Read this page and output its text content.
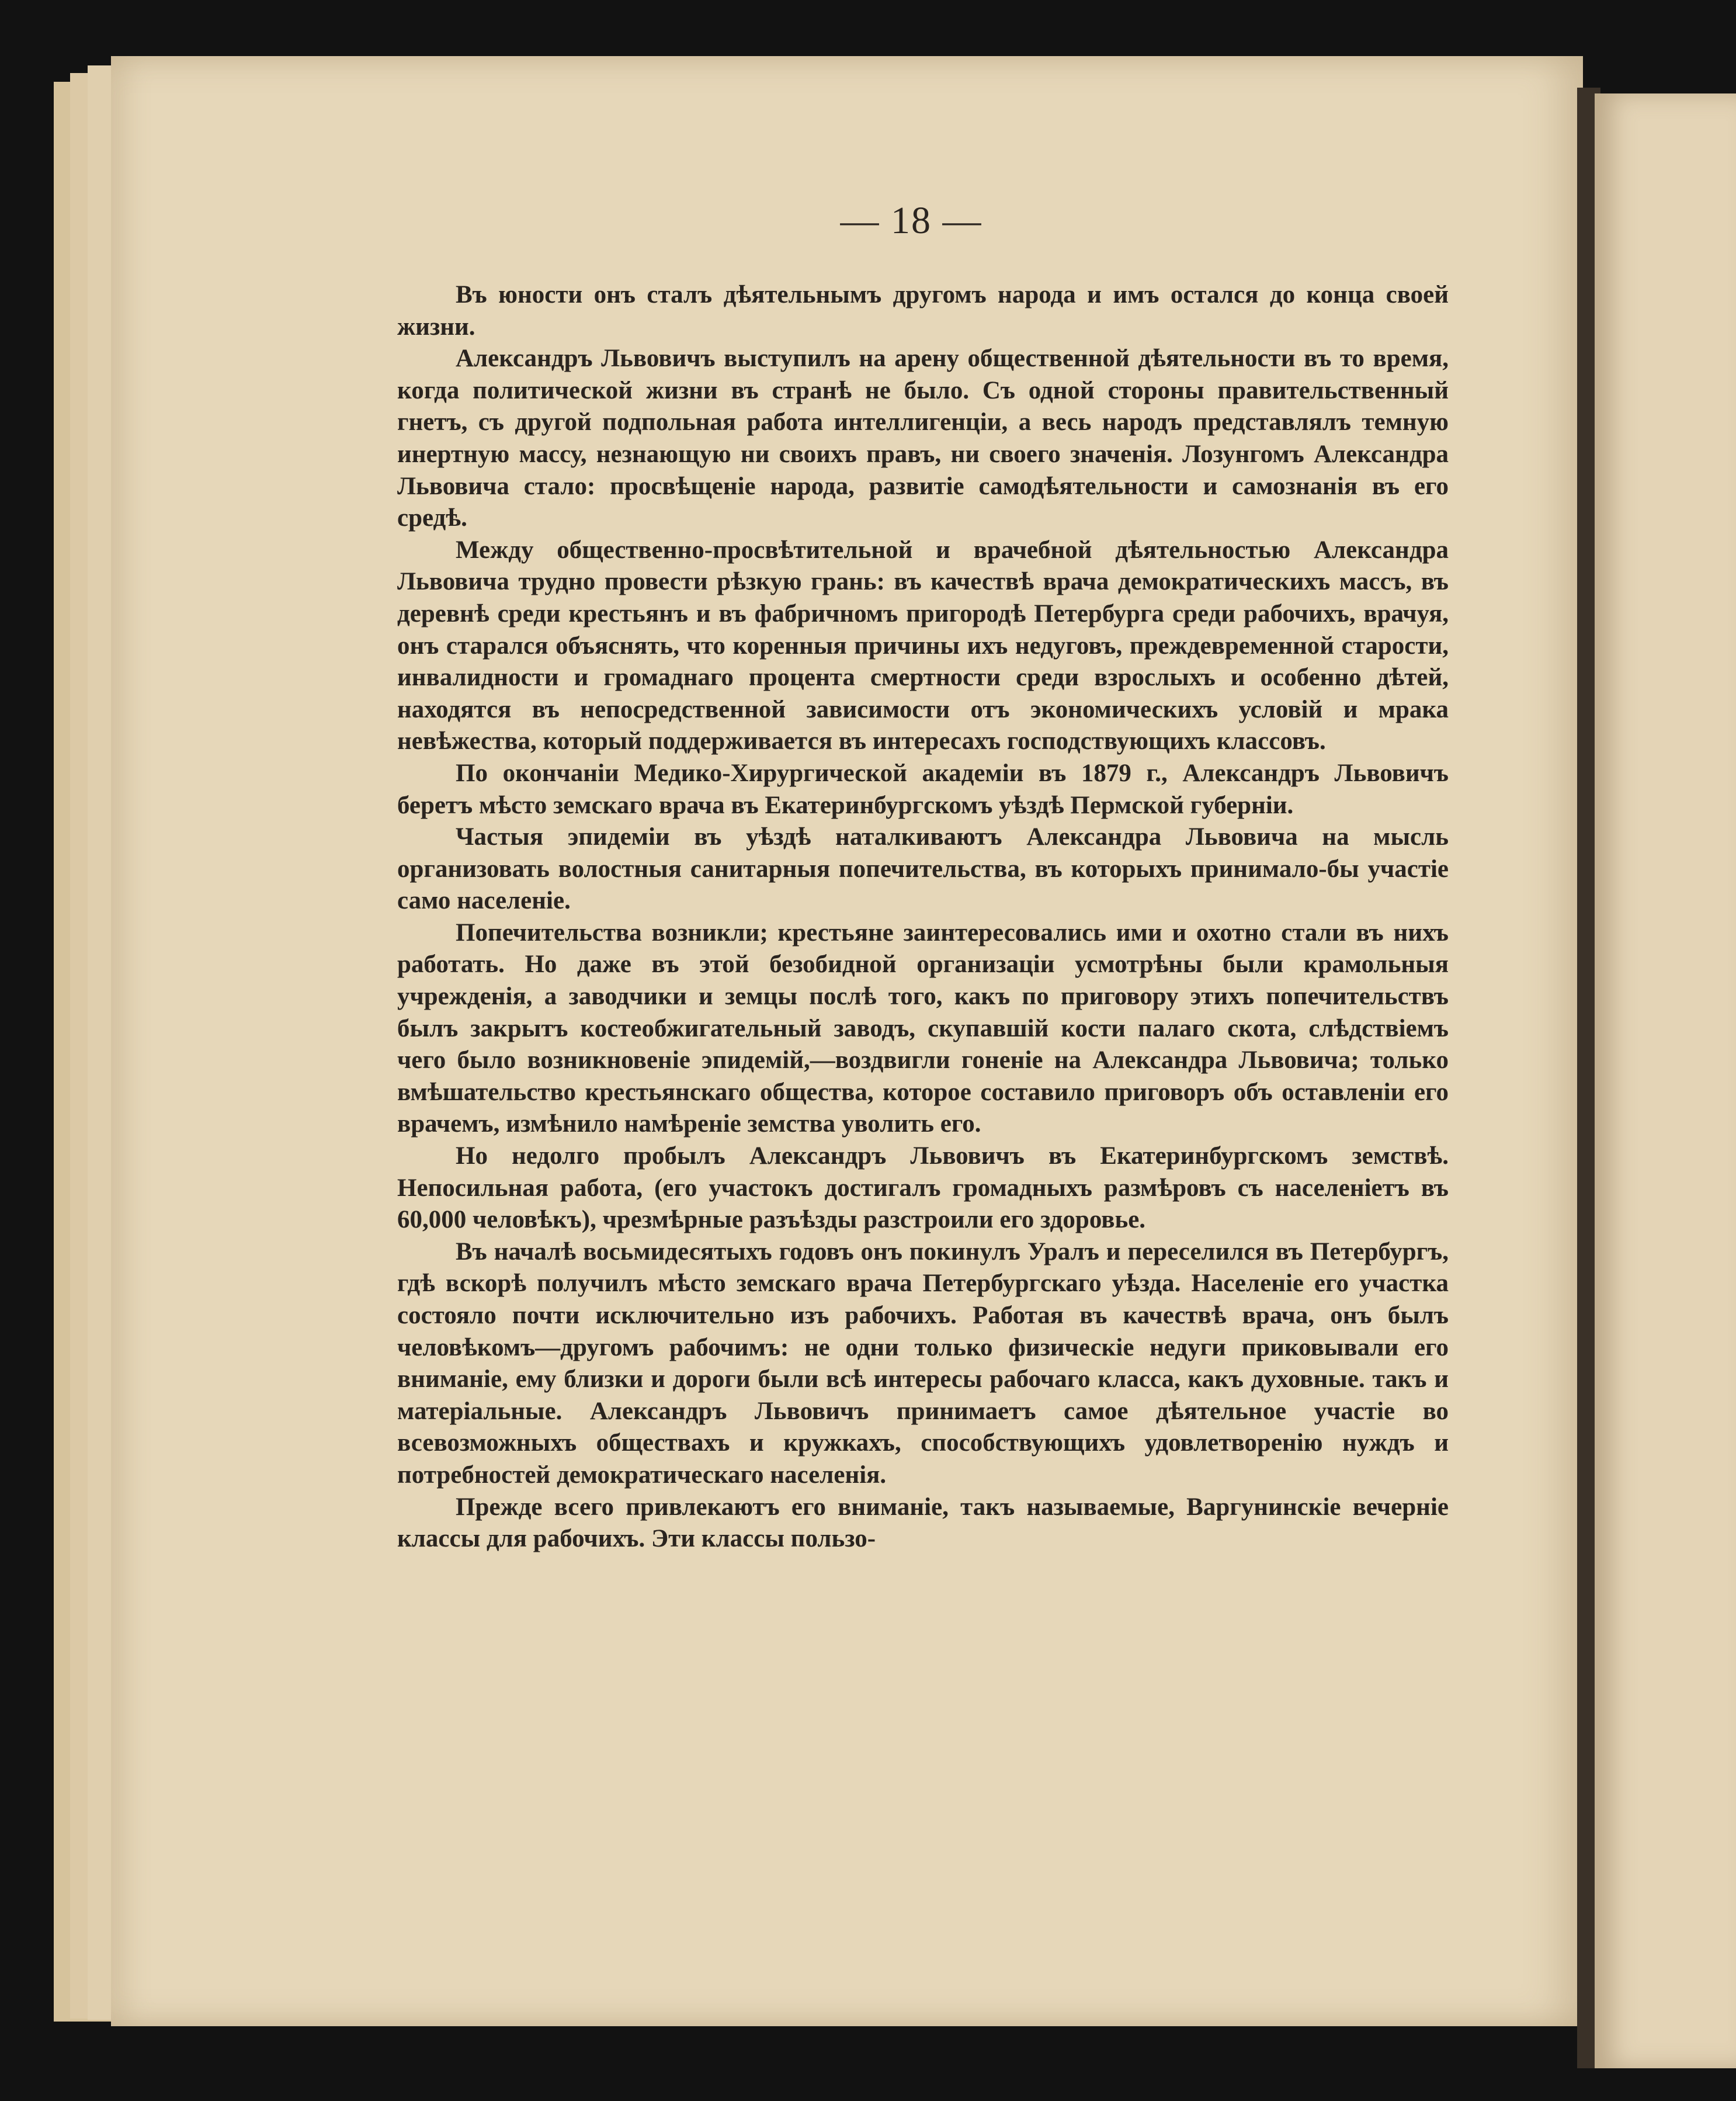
— 18 —

Въ юности онъ сталъ дѣятельнымъ другомъ народа и имъ остался до конца своей жизни.

Александръ Львовичъ выступилъ на арену общественной дѣятельности въ то время, когда политической жизни въ странѣ не было. Съ одной стороны правительственный гнетъ, съ другой подпольная работа интеллигенціи, а весь народъ представлялъ темную инертную массу, незнающую ни своихъ правъ, ни своего значенія. Лозунгомъ Александра Львовича стало: просвѣщеніе народа, развитіе самодѣятельности и самознанія въ его средѣ.

Между общественно-просвѣтительной и врачебной дѣятельностью Александра Львовича трудно провести рѣзкую грань: въ качествѣ врача демократическихъ массъ, въ деревнѣ среди крестьянъ и въ фабричномъ пригородѣ Петербурга среди рабочихъ, врачуя, онъ старался объяснять, что коренныя причины ихъ недуговъ, преждевременной старости, инвалидности и громаднаго процента смертности среди взрослыхъ и особенно дѣтей, находятся въ непосредственной зависимости отъ экономическихъ условій и мрака невѣжества, который поддерживается въ интересахъ господствующихъ классовъ.

По окончаніи Медико-Хирургической академіи въ 1879 г., Александръ Львовичъ беретъ мѣсто земскаго врача въ Екатеринбургскомъ уѣздѣ Пермской губерніи.

Частыя эпидеміи въ уѣздѣ наталкиваютъ Александра Львовича на мысль организовать волостныя санитарныя попечительства, въ которыхъ принимало-бы участіе само населеніе.

Попечительства возникли; крестьяне заинтересовались ими и охотно стали въ нихъ работать. Но даже въ этой безобидной организаціи усмотрѣны были крамольныя учрежденія, а заводчики и земцы послѣ того, какъ по приговору этихъ попечительствъ былъ закрытъ костеобжигательный заводъ, скупавшій кости палаго скота, слѣдствіемъ чего было возникновеніе эпидемій,—воздвигли гоненіе на Александра Львовича; только вмѣшательство крестьянскаго общества, которое составило приговоръ объ оставленіи его врачемъ, измѣнило намѣреніе земства уволить его.

Но недолго пробылъ Александръ Львовичъ въ Екатеринбургскомъ земствѣ. Непосильная работа, (его участокъ достигалъ громадныхъ размѣровъ съ населеніетъ въ 60,000 человѣкъ), чрезмѣрные разъѣзды разстроили его здоровье.

Въ началѣ восьмидесятыхъ годовъ онъ покинулъ Уралъ и переселился въ Петербургъ, гдѣ вскорѣ получилъ мѣсто земскаго врача Петербургскаго уѣзда. Населеніе его участка состояло почти исключительно изъ рабочихъ. Работая въ качествѣ врача, онъ былъ человѣкомъ—другомъ рабочимъ: не одни только физическіе недуги приковывали его вниманіе, ему близки и дороги были всѣ интересы рабочаго класса, какъ духовные. такъ и матеріальные. Александръ Львовичъ принимаетъ самое дѣятельное участіе во всевозможныхъ обществахъ и кружкахъ, способствующихъ удовлетворенію нуждъ и потребностей демократическаго населенія.

Прежде всего привлекаютъ его вниманіе, такъ называемые, Варгунинскіе вечерніе классы для рабочихъ. Эти классы пользо-
